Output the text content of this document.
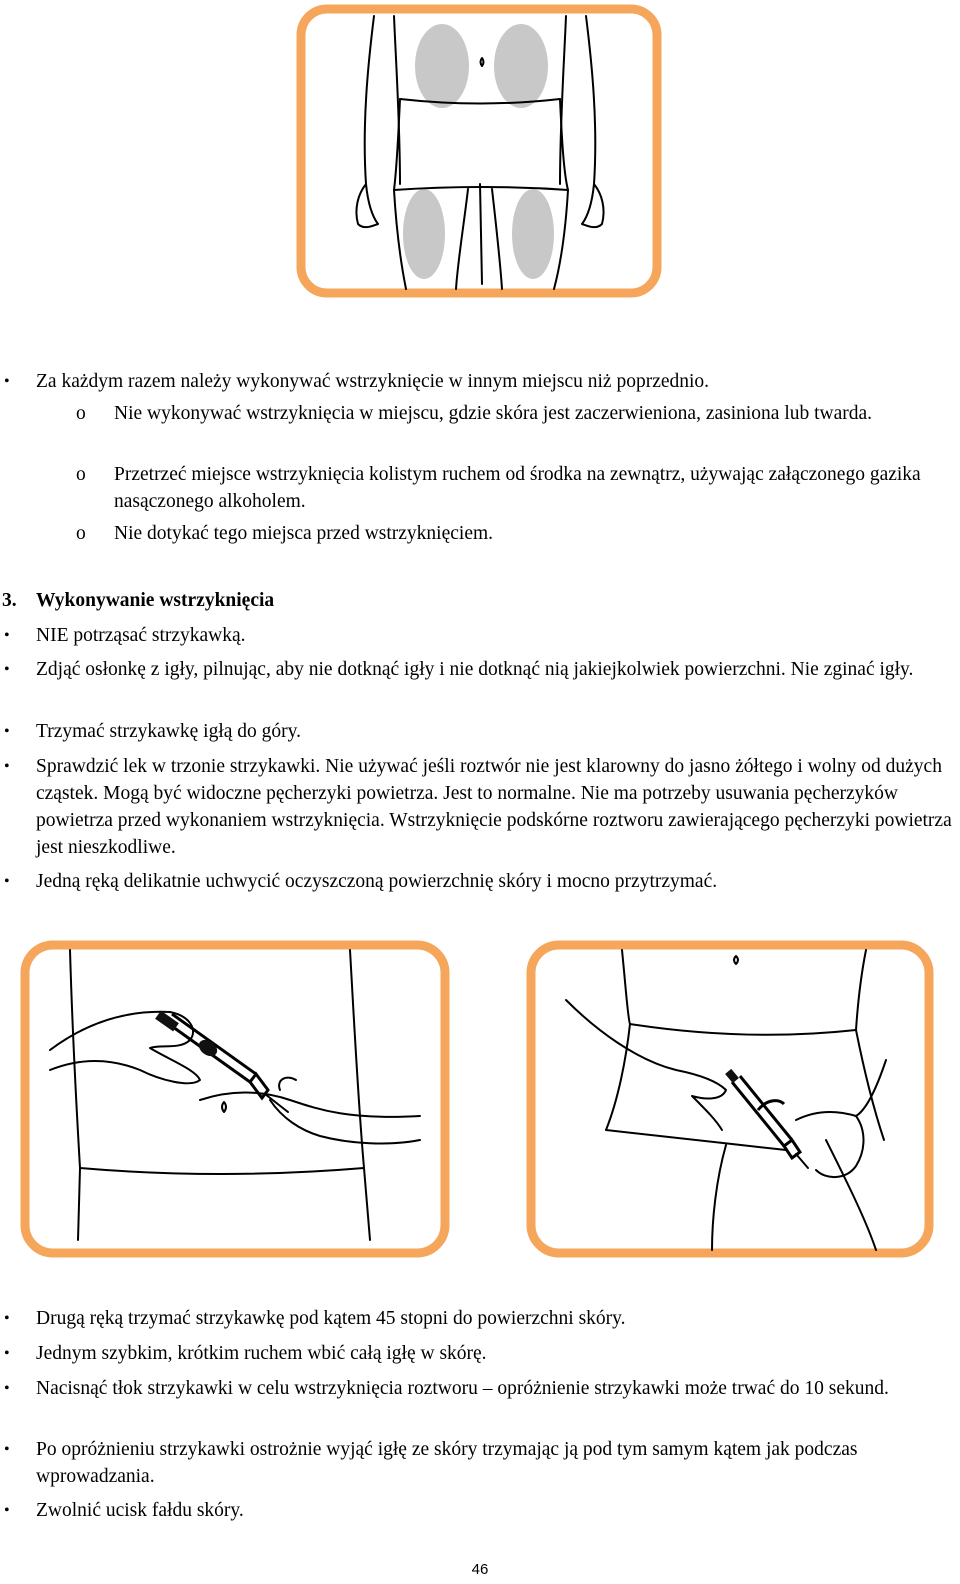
• Za każdym razem należy wykonywać wstrzyknięcie w innym miejscu niż poprzednio.
o Nie wykonywać wstrzyknięcia w miejscu, gdzie skóra jest zaczerwieniona, zasiniona lub twarda.
o Przetrzeć miejsce wstrzyknięcia kolistym ruchem od środka na zewnątrz, używając załączonego gazika nasączonego alkoholem.
o Nie dotykać tego miejsca przed wstrzyknięciem.
3. Wykonywanie wstrzyknięcia
• NIE potrząsać strzykawką.
• Zdjąć osłonkę z igły, pilnując, aby nie dotknąć igły i nie dotknąć nią jakiejkolwiek powierzchni. Nie zginać igły.
• Trzymać strzykawkę igłą do góry.
• Sprawdzić lek w trzonie strzykawki. Nie używać jeśli roztwór nie jest klarowny do jasno żółtego i wolny od dużych cząstek. Mogą być widoczne pęcherzyki powietrza. Jest to normalne. Nie ma potrzeby usuwania pęcherzyków powietrza przed wykonaniem wstrzyknięcia. Wstrzyknięcie podskórne roztworu zawierającego pęcherzyki powietrza jest nieszkodliwe.
• Jedną ręką delikatnie uchwycić oczyszczoną powierzchnię skóry i mocno przytrzymać.
• Drugą ręką trzymać strzykawkę pod kątem 45 stopni do powierzchni skóry.
• Jednym szybkim, krótkim ruchem wbić całą igłę w skórę.
• Nacisnąć tłok strzykawki w celu wstrzyknięcia roztworu – opróżnienie strzykawki może trwać do 10 sekund.
• Po opróżnieniu strzykawki ostrożnie wyjąć igłę ze skóry trzymając ją pod tym samym kątem jak podczas wprowadzania.
• Zwolnić ucisk fałdu skóry.
46
